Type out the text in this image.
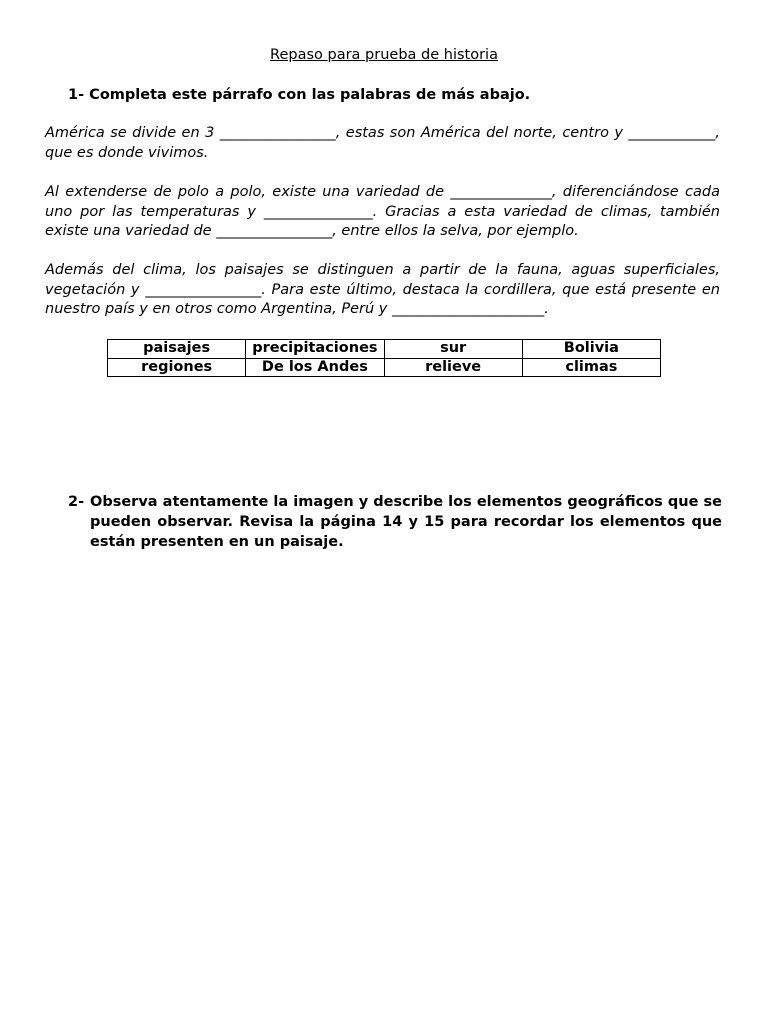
Repaso para prueba de historia
1- Completa este párrafo con las palabras de más abajo.
América se divide en 3 ________________, estas son América del norte, centro y ____________, que es donde vivimos.
Al extenderse de polo a polo, existe una variedad de ______________, diferenciándose cada uno por las temperaturas y _______________. Gracias a esta variedad de climas, también existe una variedad de ________________, entre ellos la selva, por ejemplo.
Además del clima, los paisajes se distinguen a partir de la fauna, aguas superficiales, vegetación y ________________. Para este último, destaca la cordillera, que está presente en nuestro país y en otros como Argentina, Perú y _____________________.
paisajes	precipitaciones	sur	Bolivia
regiones	De los Andes	relieve	climas
2- Observa atentamente la imagen y describe los elementos geográficos que se pueden observar. Revisa la página 14 y 15 para recordar los elementos que están presenten en un paisaje.
